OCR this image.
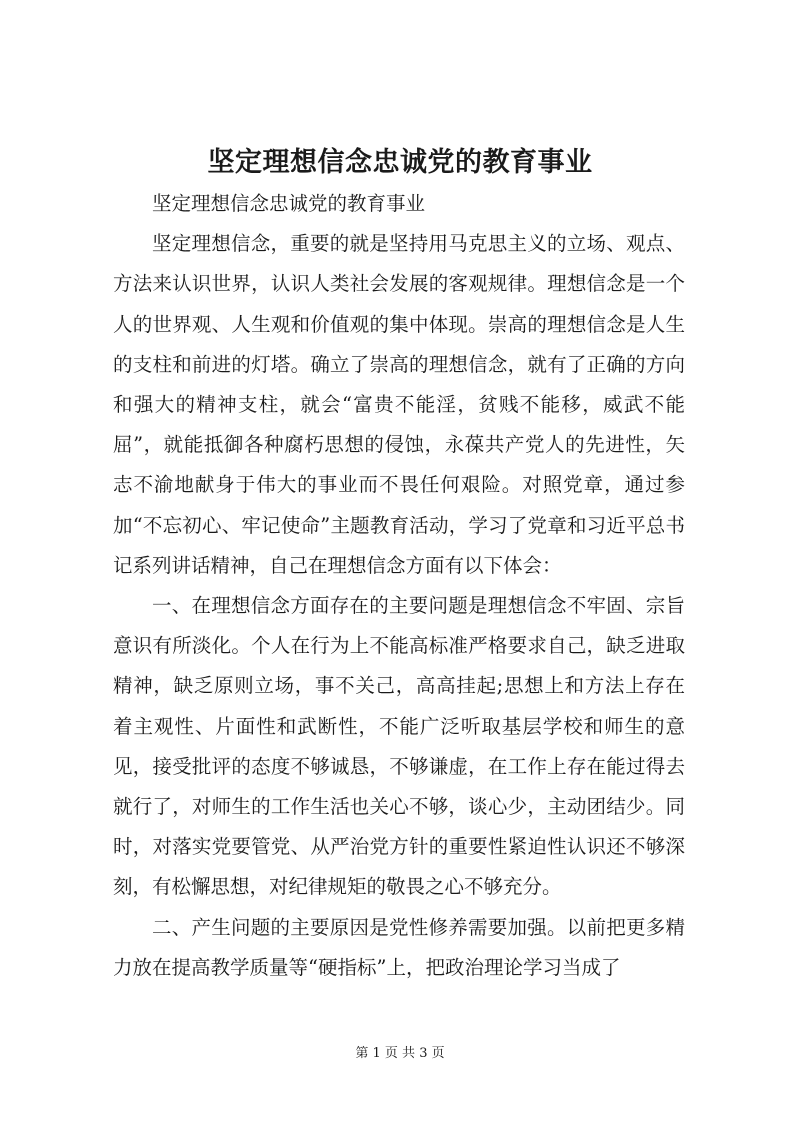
坚定理想信念忠诚党的教育事业

坚定理想信念忠诚党的教育事业

坚定理想信念，重要的就是坚持用马克思主义的立场、观点、方法来认识世界，认识人类社会发展的客观规律。理想信念是一个人的世界观、人生观和价值观的集中体现。崇高的理想信念是人生的支柱和前进的灯塔。确立了崇高的理想信念，就有了正确的方向和强大的精神支柱，就会“富贵不能淫，贫贱不能移，威武不能屈”，就能抵御各种腐朽思想的侵蚀，永葆共产党人的先进性，矢志不渝地献身于伟大的事业而不畏任何艰险。对照党章，通过参加“不忘初心、牢记使命”主题教育活动，学习了党章和习近平总书记系列讲话精神，自己在理想信念方面有以下体会：

一、在理想信念方面存在的主要问题是理想信念不牢固、宗旨意识有所淡化。个人在行为上不能高标准严格要求自己，缺乏进取精神，缺乏原则立场，事不关己，高高挂起;思想上和方法上存在着主观性、片面性和武断性，不能广泛听取基层学校和师生的意见，接受批评的态度不够诚恳，不够谦虚，在工作上存在能过得去就行了，对师生的工作生活也关心不够，谈心少，主动团结少。同时，对落实党要管党、从严治党方针的重要性紧迫性认识还不够深刻，有松懈思想，对纪律规矩的敬畏之心不够充分。

二、产生问题的主要原因是党性修养需要加强。以前把更多精力放在提高教学质量等“硬指标”上，把政治理论学习当成了

第 1 页 共 3 页
